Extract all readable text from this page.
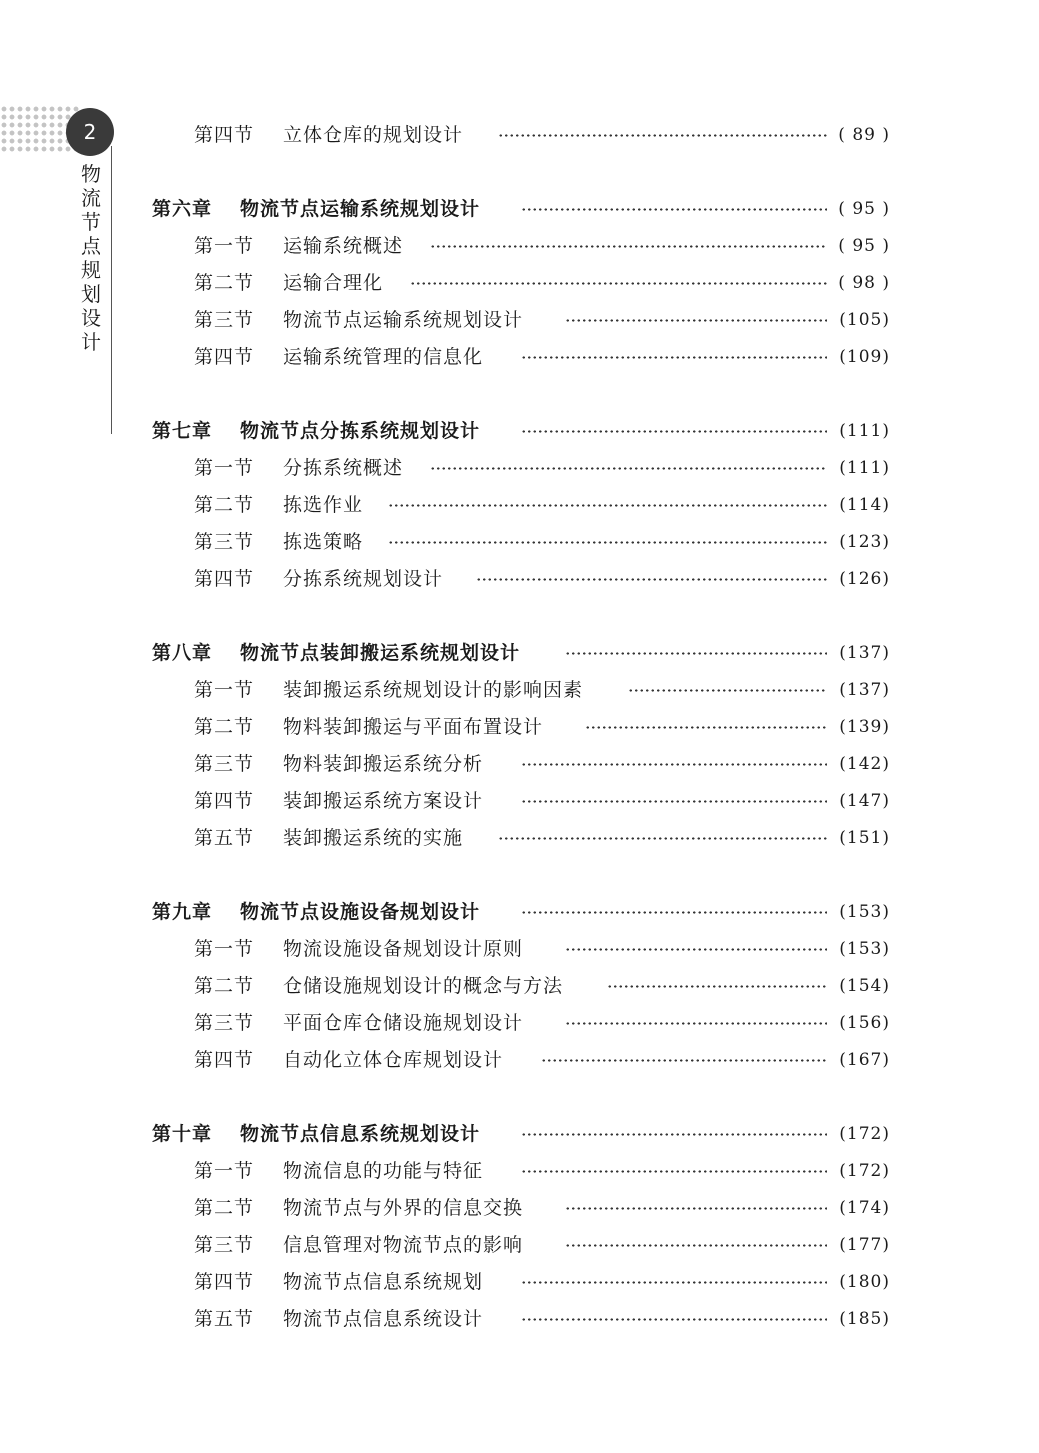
2
物流节点规划设计
第四节 立体仓库的规划设计	( 89 )
第六章 物流节点运输系统规划设计	( 95 )
第一节 运输系统概述	( 95 )
第二节 运输合理化	( 98 )
第三节 物流节点运输系统规划设计	(105)
第四节 运输系统管理的信息化	(109)
第七章 物流节点分拣系统规划设计	(111)
第一节 分拣系统概述	(111)
第二节 拣选作业	(114)
第三节 拣选策略	(123)
第四节 分拣系统规划设计	(126)
第八章 物流节点装卸搬运系统规划设计	(137)
第一节 装卸搬运系统规划设计的影响因素	(137)
第二节 物料装卸搬运与平面布置设计	(139)
第三节 物料装卸搬运系统分析	(142)
第四节 装卸搬运系统方案设计	(147)
第五节 装卸搬运系统的实施	(151)
第九章 物流节点设施设备规划设计	(153)
第一节 物流设施设备规划设计原则	(153)
第二节 仓储设施规划设计的概念与方法	(154)
第三节 平面仓库仓储设施规划设计	(156)
第四节 自动化立体仓库规划设计	(167)
第十章 物流节点信息系统规划设计	(172)
第一节 物流信息的功能与特征	(172)
第二节 物流节点与外界的信息交换	(174)
第三节 信息管理对物流节点的影响	(177)
第四节 物流节点信息系统规划	(180)
第五节 物流节点信息系统设计	(185)
